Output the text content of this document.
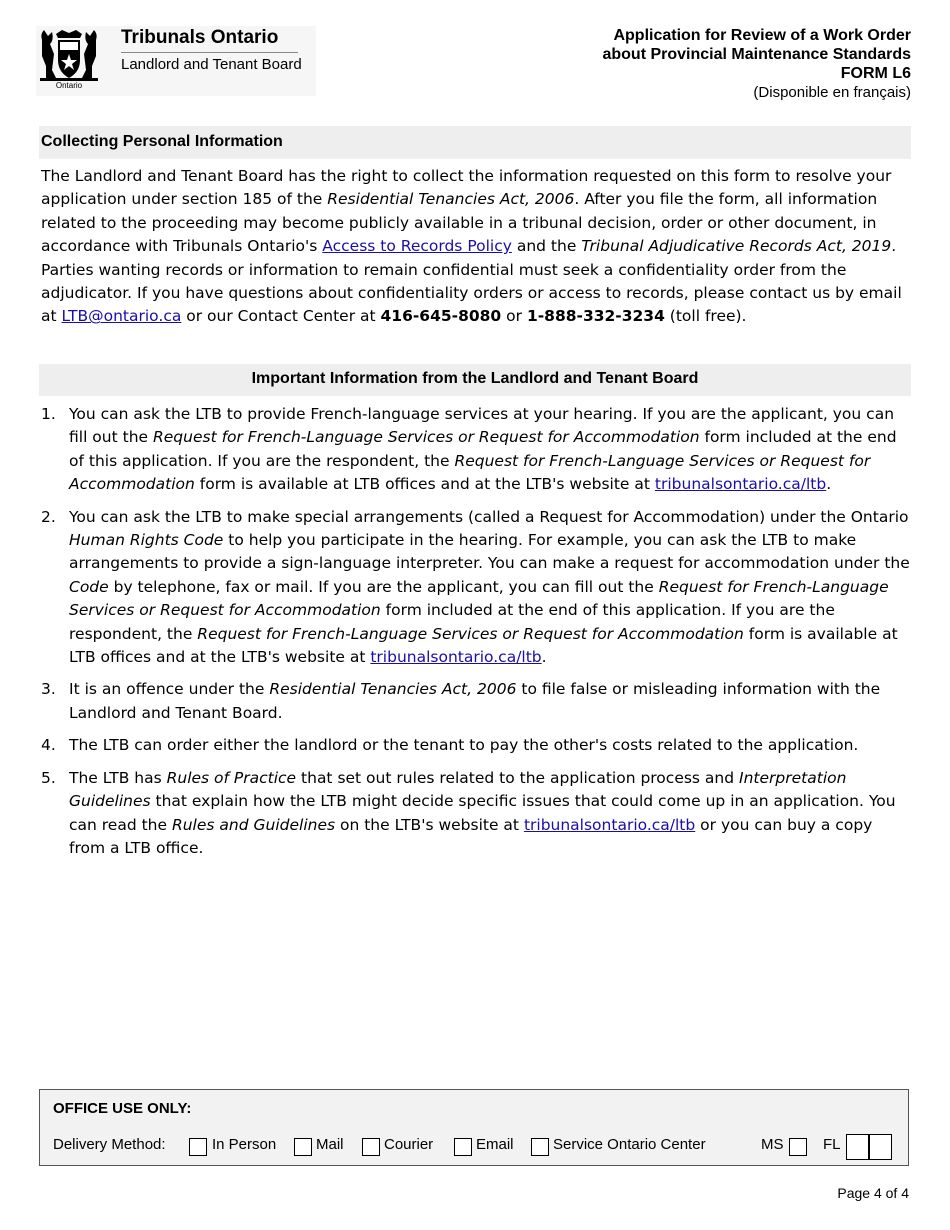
Ontario
Tribunals Ontario
Landlord and Tenant Board
Application for Review of a Work Order
about Provincial Maintenance Standards
FORM L6
(Disponible en français)
Collecting Personal Information
The Landlord and Tenant Board has the right to collect the information requested on this form to resolve your application under section 185 of the Residential Tenancies Act, 2006. After you file the form, all information related to the proceeding may become publicly available in a tribunal decision, order or other document, in accordance with Tribunals Ontario's Access to Records Policy and the Tribunal Adjudicative Records Act, 2019. Parties wanting records or information to remain confidential must seek a confidentiality order from the adjudicator. If you have questions about confidentiality orders or access to records, please contact us by email at LTB@ontario.ca or our Contact Center at 416-645-8080 or 1-888-332-3234 (toll free).
Important Information from the Landlord and Tenant Board
1. You can ask the LTB to provide French-language services at your hearing. If you are the applicant, you can fill out the Request for French-Language Services or Request for Accommodation form included at the end of this application. If you are the respondent, the Request for French-Language Services or Request for Accommodation form is available at LTB offices and at the LTB's website at tribunalsontario.ca/ltb.
2. You can ask the LTB to make special arrangements (called a Request for Accommodation) under the Ontario Human Rights Code to help you participate in the hearing. For example, you can ask the LTB to make arrangements to provide a sign-language interpreter. You can make a request for accommodation under the Code by telephone, fax or mail. If you are the applicant, you can fill out the Request for French-Language Services or Request for Accommodation form included at the end of this application. If you are the respondent, the Request for French-Language Services or Request for Accommodation form is available at LTB offices and at the LTB's website at tribunalsontario.ca/ltb.
3. It is an offence under the Residential Tenancies Act, 2006 to file false or misleading information with the Landlord and Tenant Board.
4. The LTB can order either the landlord or the tenant to pay the other's costs related to the application.
5. The LTB has Rules of Practice that set out rules related to the application process and Interpretation Guidelines that explain how the LTB might decide specific issues that could come up in an application. You can read the Rules and Guidelines on the LTB's website at tribunalsontario.ca/ltb or you can buy a copy from a LTB office.
OFFICE USE ONLY:
Delivery Method:	In Person	Mail	Courier	Email	Service Ontario Center	MS	FL
Page 4 of 4
